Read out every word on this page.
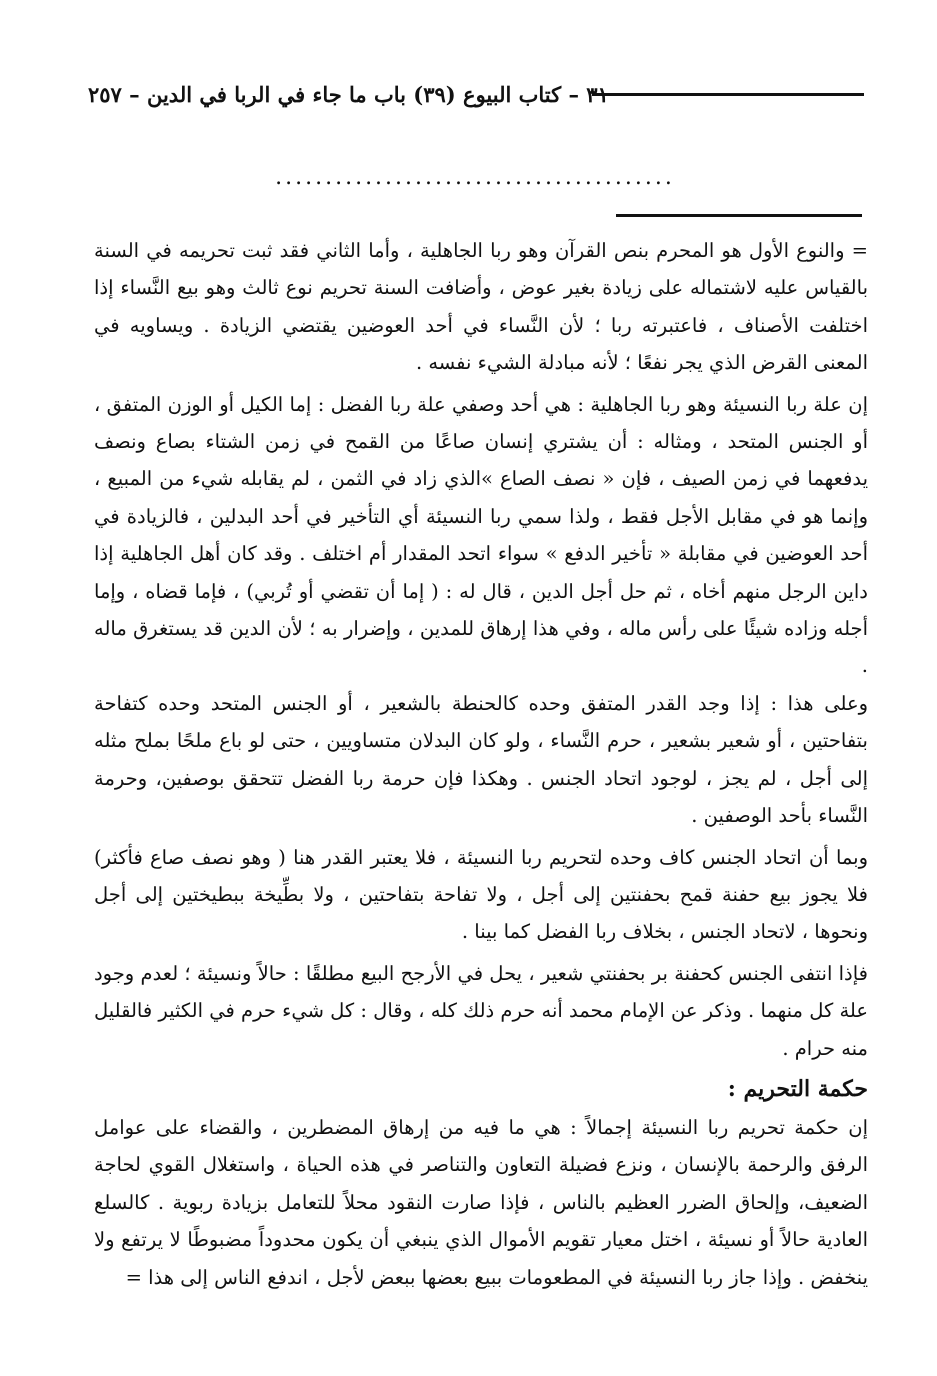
٣١ – كتاب البيوع (٣٩) باب ما جاء في الربا في الدين – ٢٥٧
........................................

= والنوع الأول هو المحرم بنص القرآن وهو ربا الجاهلية ، وأما الثاني فقد ثبت تحريمه في السنة بالقياس عليه لاشتماله على زيادة بغير عوض ، وأضافت السنة تحريم نوع ثالث وهو بيع النَّساء إذا اختلفت الأصناف ، فاعتبرته ربا ؛ لأن النَّساء في أحد العوضين يقتضي الزيادة . ويساويه في المعنى القرض الذي يجر نفعًا ؛ لأنه مبادلة الشيء نفسه .

إن علة ربا النسيئة وهو ربا الجاهلية : هي أحد وصفي علة ربا الفضل : إما الكيل أو الوزن المتفق ، أو الجنس المتحد ، ومثاله : أن يشتري إنسان صاعًا من القمح في زمن الشتاء بصاع ونصف يدفعهما في زمن الصيف ، فإن « نصف الصاع »الذي زاد في الثمن ، لم يقابله شيء من المبيع ، وإنما هو في مقابل الأجل فقط ، ولذا سمي ربا النسيئة أي التأخير في أحد البدلين ، فالزيادة في أحد العوضين في مقابلة « تأخير الدفع » سواء اتحد المقدار أم اختلف . وقد كان أهل الجاهلية إذا داين الرجل منهم أخاه ، ثم حل أجل الدين ، قال له : ( إما أن تقضي أو تُربي) ، فإما قضاه ، وإما أجله وزاده شيئًا على رأس ماله ، وفي هذا إرهاق للمدين ، وإضرار به ؛ لأن الدين قد يستغرق ماله .

وعلى هذا : إذا وجد القدر المتفق وحده كالحنطة بالشعير ، أو الجنس المتحد وحده كتفاحة بتفاحتين ، أو شعير بشعير ، حرم النَّساء ، ولو كان البدلان متساويين ، حتى لو باع ملحًا بملح مثله إلى أجل ، لم يجز ، لوجود اتحاد الجنس . وهكذا فإن حرمة ربا الفضل تتحقق بوصفين، وحرمة النَّساء بأحد الوصفين .

وبما أن اتحاد الجنس كاف وحده لتحريم ربا النسيئة ، فلا يعتبر القدر هنا ( وهو نصف صاع فأكثر) فلا يجوز بيع حفنة قمح بحفنتين إلى أجل ، ولا تفاحة بتفاحتين ، ولا بطِّيخة ببطيختين إلى أجل ونحوها ، لاتحاد الجنس ، بخلاف ربا الفضل كما بينا .

فإذا انتفى الجنس كحفنة بر بحفنتي شعير ، يحل في الأرجح البيع مطلقًا : حالاً ونسيئة ؛ لعدم وجود علة كل منهما . وذكر عن الإمام محمد أنه حرم ذلك كله ، وقال : كل شيء حرم في الكثير فالقليل منه حرام .

حكمة التحريم :

إن حكمة تحريم ربا النسيئة إجمالاً : هي ما فيه من إرهاق المضطرين ، والقضاء على عوامل الرفق والرحمة بالإنسان ، ونزع فضيلة التعاون والتناصر في هذه الحياة ، واستغلال القوي لحاجة الضعيف، وإلحاق الضرر العظيم بالناس ، فإذا صارت النقود محلاً للتعامل بزيادة ربوية . كالسلع العادية حالاً أو نسيئة ، اختل معيار تقويم الأموال الذي ينبغي أن يكون محدوداً مضبوطًا لا يرتفع ولا ينخفض . وإذا جاز ربا النسيئة في المطعومات ببيع بعضها ببعض لأجل ، اندفع الناس إلى هذا =
